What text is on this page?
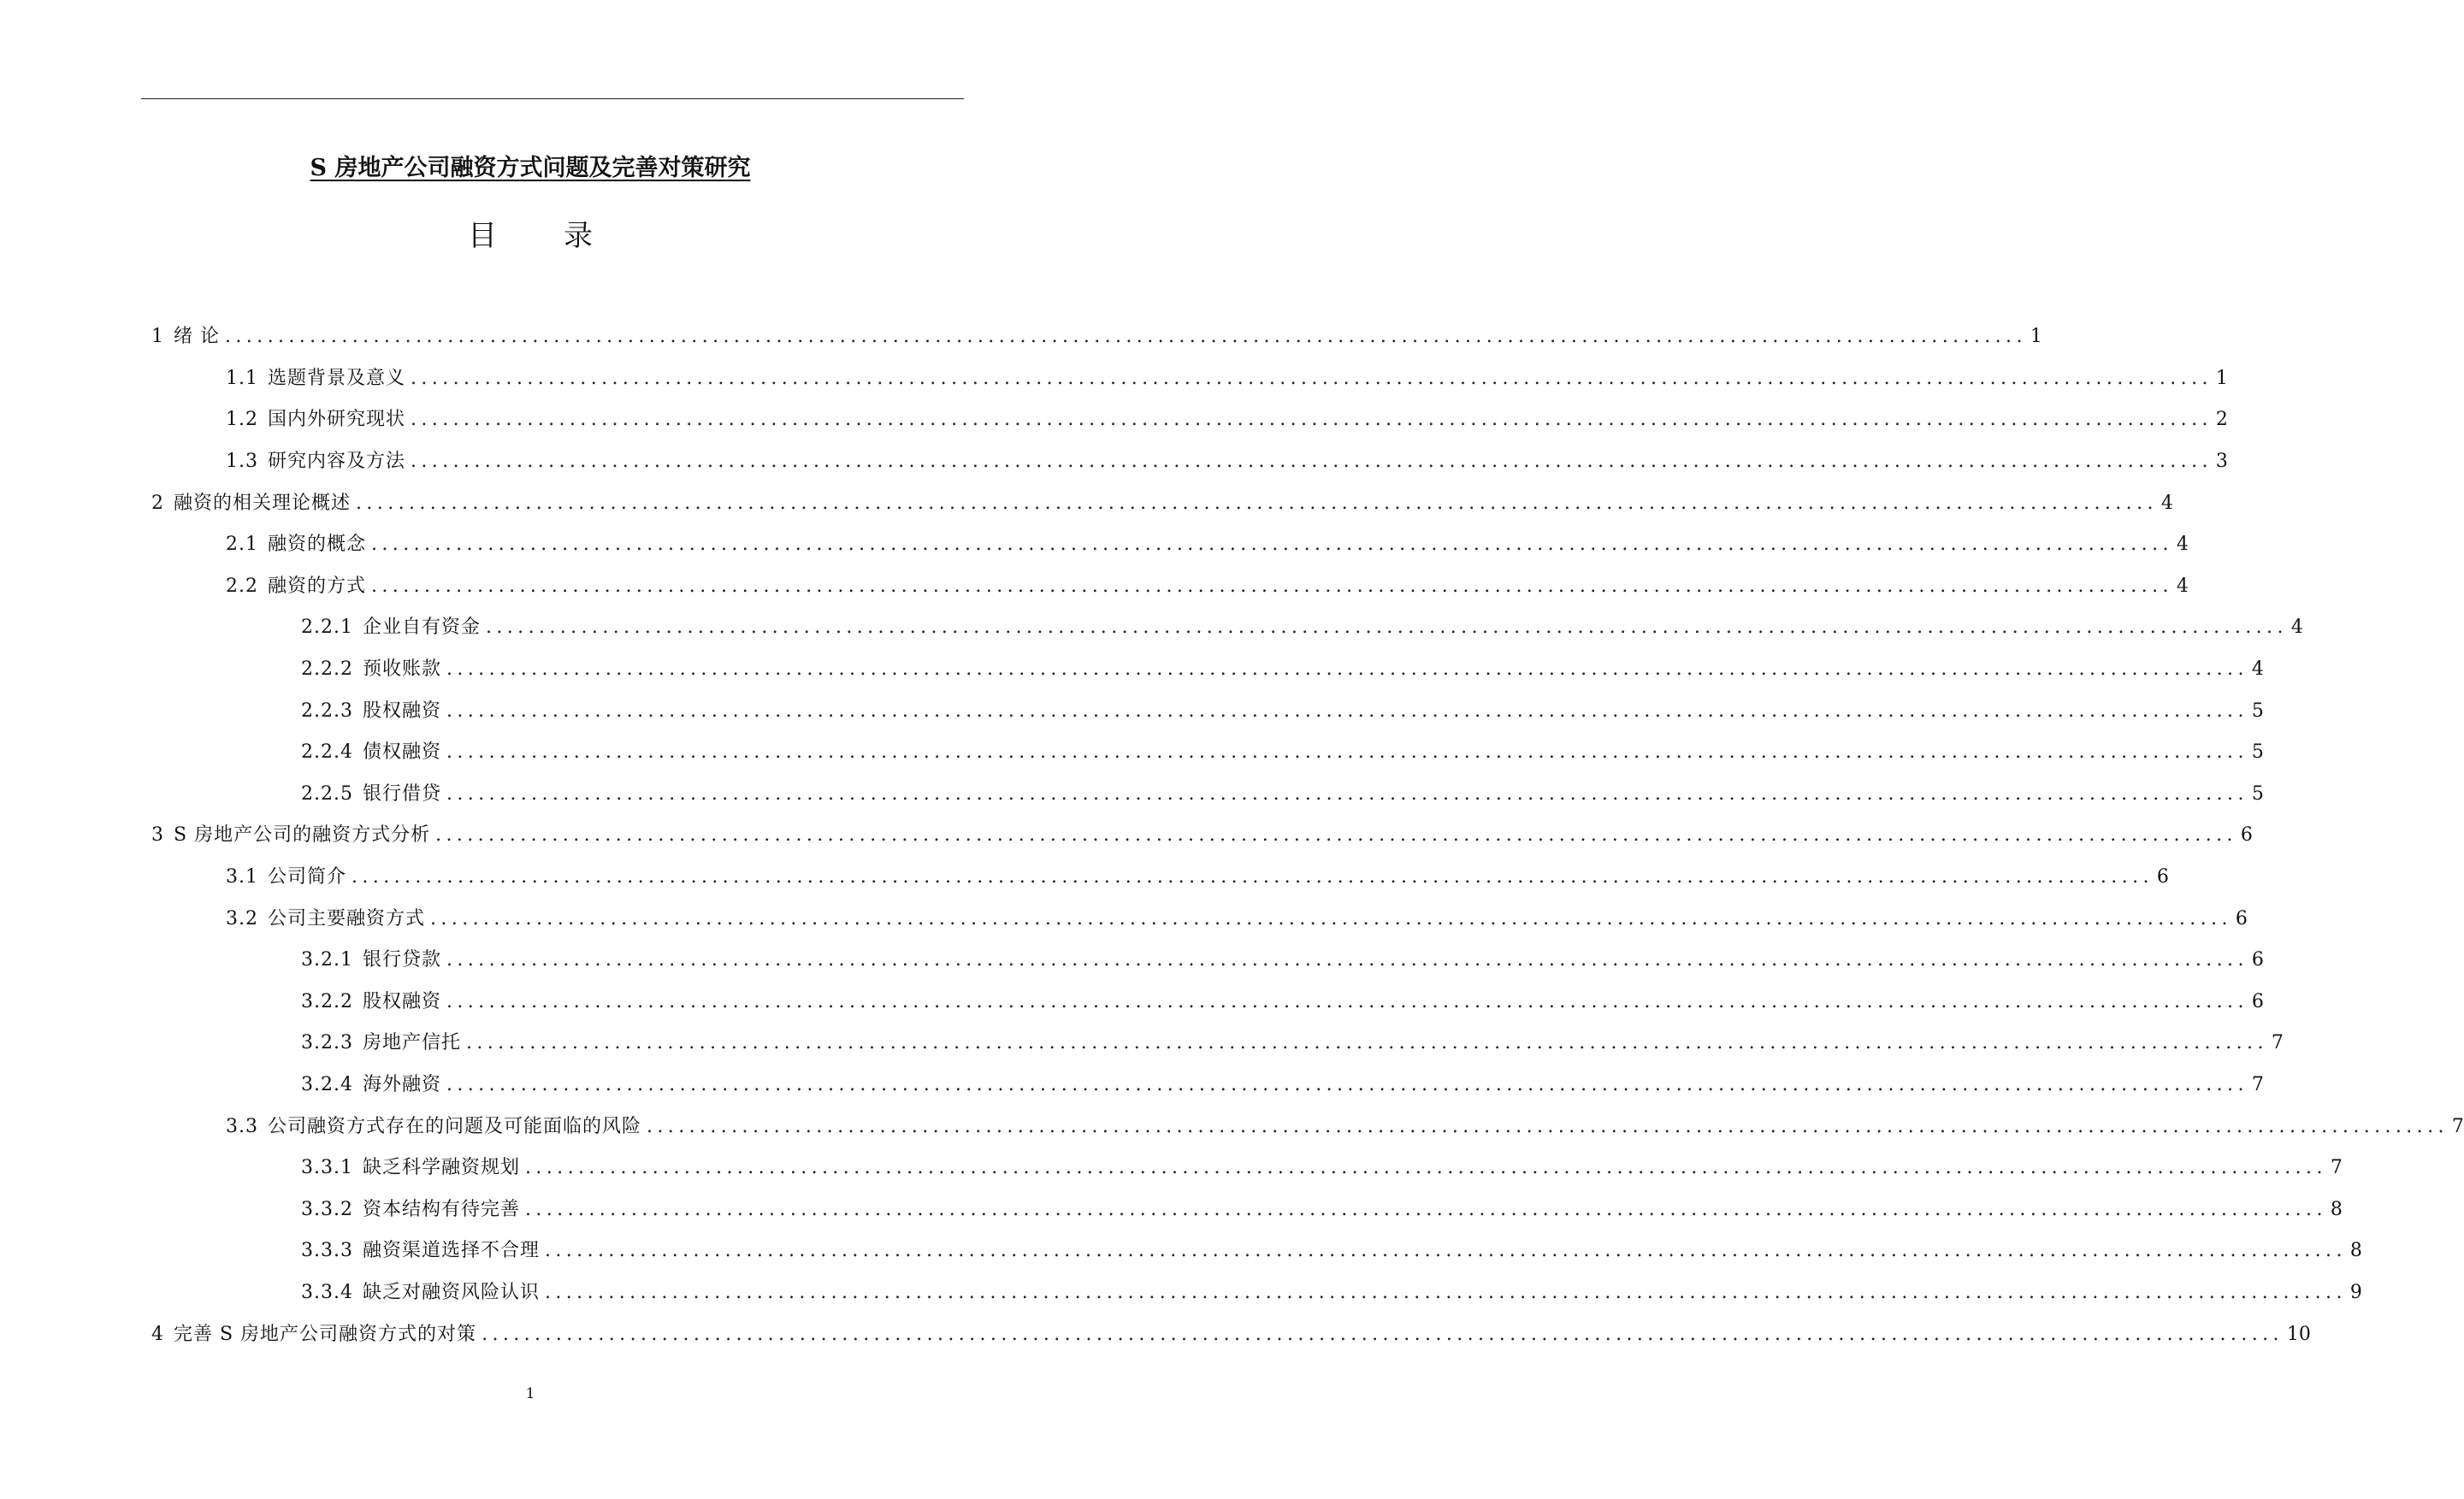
S 房地产公司融资方式问题及完善对策研究
目录
1 绪 论 .......................................................................................................................................................................... 1
1.1 选题背景及意义 .......................................................................................................................................................................... 1
1.2 国内外研究现状 .......................................................................................................................................................................... 2
1.3 研究内容及方法 .......................................................................................................................................................................... 3
2 融资的相关理论概述 .......................................................................................................................................................................... 4
2.1 融资的概念 .......................................................................................................................................................................... 4
2.2 融资的方式 .......................................................................................................................................................................... 4
2.2.1 企业自有资金 .......................................................................................................................................................................... 4
2.2.2 预收账款 .......................................................................................................................................................................... 4
2.2.3 股权融资 .......................................................................................................................................................................... 5
2.2.4 债权融资 .......................................................................................................................................................................... 5
2.2.5 银行借贷 .......................................................................................................................................................................... 5
3 S 房地产公司的融资方式分析 .......................................................................................................................................................................... 6
3.1 公司简介 .......................................................................................................................................................................... 6
3.2 公司主要融资方式 .......................................................................................................................................................................... 6
3.2.1 银行贷款 .......................................................................................................................................................................... 6
3.2.2 股权融资 .......................................................................................................................................................................... 6
3.2.3 房地产信托 .......................................................................................................................................................................... 7
3.2.4 海外融资 .......................................................................................................................................................................... 7
3.3 公司融资方式存在的问题及可能面临的风险 .......................................................................................................................................................................... 7
3.3.1 缺乏科学融资规划 .......................................................................................................................................................................... 7
3.3.2 资本结构有待完善 .......................................................................................................................................................................... 8
3.3.3 融资渠道选择不合理 .......................................................................................................................................................................... 8
3.3.4 缺乏对融资风险认识 .......................................................................................................................................................................... 9
4 完善 S 房地产公司融资方式的对策 .......................................................................................................................................................................... 10
1
